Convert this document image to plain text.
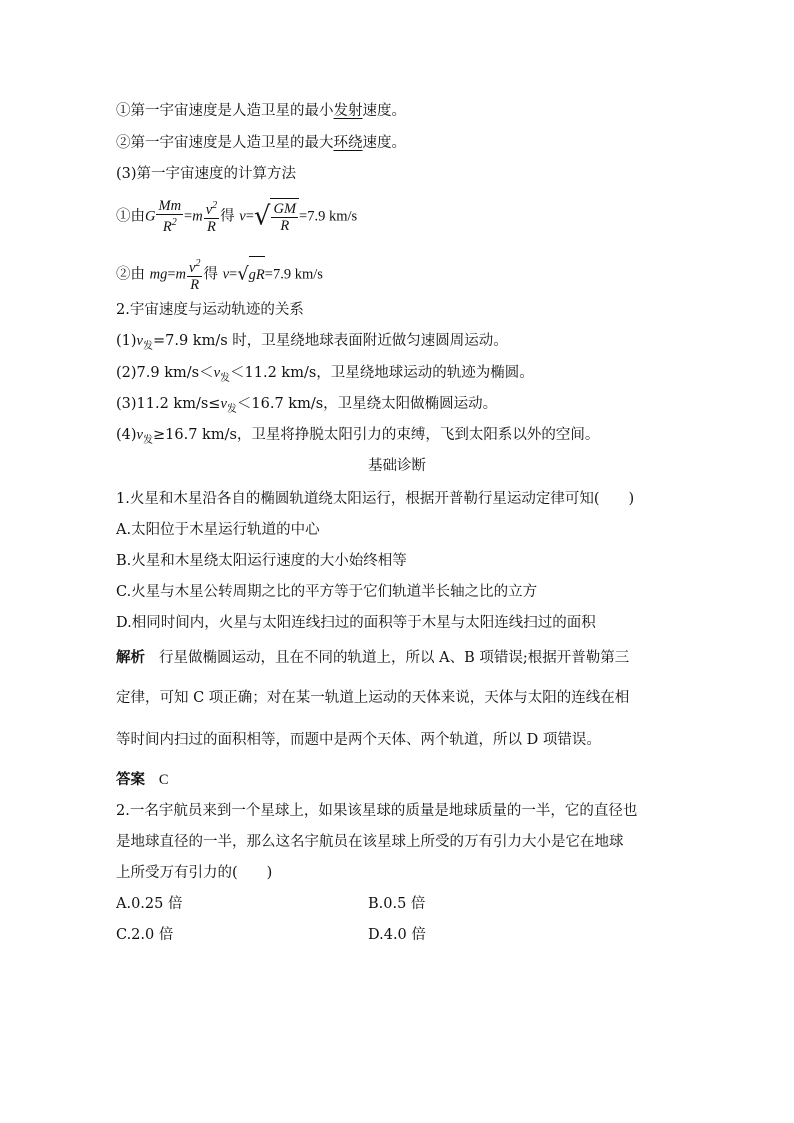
①第一宇宙速度是人造卫星的最小发射速度。
②第一宇宙速度是人造卫星的最大环绕速度。
(3)第一宇宙速度的计算方法
①由G $\frac{Mm}{R^2} =m \frac{v^2}{R}$ 得 $v=√ \frac{GM}{R} =7.9$ km/s
②由 $mg=m \frac{v^2}{R}$ 得 v=√gR=7.9 km/s
2.宇宙速度与运动轨迹的关系
$(1)v_发=7.9$ km/s 时，卫星绕地球表面附近做匀速圆周运动。
(2)7.9 $km/s<v_发<11.2$ km/s，卫星绕地球运动的轨迹为椭圆。
(3)11.2 $km/s\le v_发<16.7$ km/s，卫星绕太阳做椭圆运动。
$(4)v_发\ge 16.7$ km/s，卫星将挣脱太阳引力的束缚，飞到太阳系以外的空间。
基础诊断
1.火星和木星沿各自的椭圆轨道绕太阳运行，根据开普勒行星运动定律可知(　　)
A.太阳位于木星运行轨道的中心
B.火星和木星绕太阳运行速度的大小始终相等
C.火星与木星公转周期之比的平方等于它们轨道半长轴之比的立方
D.相同时间内，火星与太阳连线扫过的面积等于木星与太阳连线扫过的面积
解析 行星做椭圆运动，且在不同的轨道上，所以 A、B 项错误;根据开普勒第三
定律，可知 C 项正确；对在某一轨道上运动的天体来说，天体与太阳的连线在相
等时间内扫过的面积相等，而题中是两个天体、两个轨道，所以 D 项错误。
答案 C
2.一名宇航员来到一个星球上，如果该星球的质量是地球质量的一半，它的直径也
是地球直径的一半，那么这名宇航员在该星球上所受的万有引力大小是它在地球
上所受万有引力的(　　)
A.0.25 倍	B.0.5 倍
C.2.0 倍	D.4.0 倍
